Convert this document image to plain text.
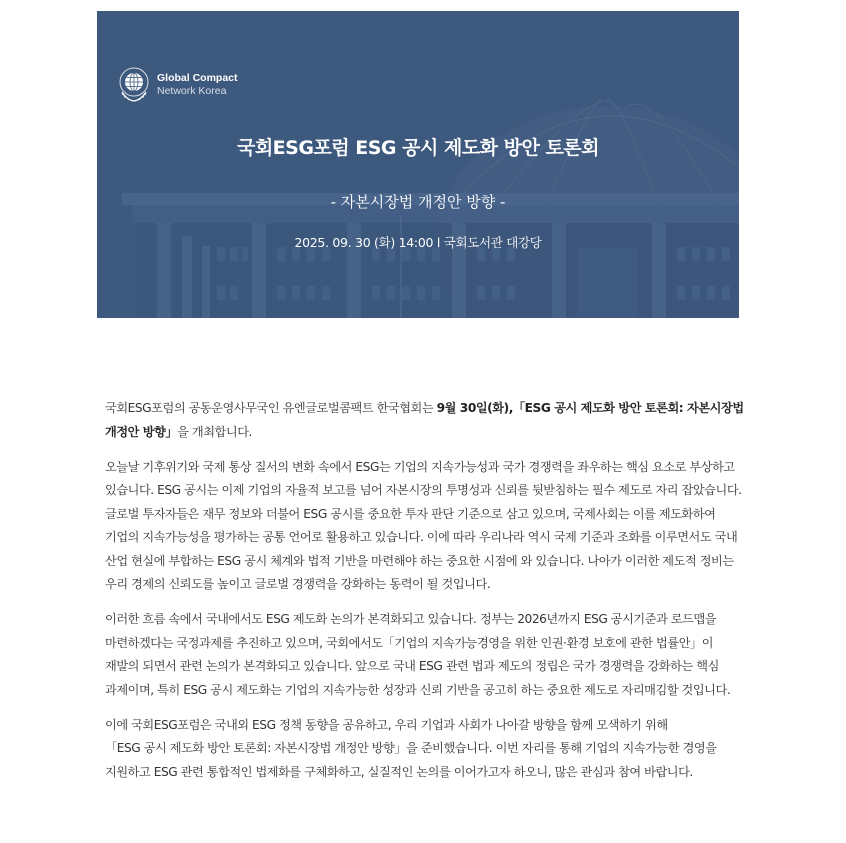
Global Compact
Network Korea
국회ESG포럼 ESG 공시 제도화 방안 토론회
- 자본시장법 개정안 방향 -
2025. 09. 30 (화) 14:00 l 국회도서관 대강당

국회ESG포럼의 공동운영사무국인 유엔글로벌콤팩트 한국협회는 9월 30일(화),「ESG 공시 제도화 방안 토론회: 자본시장법 개정안 방향」을 개최합니다.

오늘날 기후위기와 국제 통상 질서의 변화 속에서 ESG는 기업의 지속가능성과 국가 경쟁력을 좌우하는 핵심 요소로 부상하고 있습니다. ESG 공시는 이제 기업의 자율적 보고를 넘어 자본시장의 투명성과 신뢰를 뒷받침하는 필수 제도로 자리 잡았습니다. 글로벌 투자자들은 재무 정보와 더불어 ESG 공시를 중요한 투자 판단 기준으로 삼고 있으며, 국제사회는 이를 제도화하여 기업의 지속가능성을 평가하는 공통 언어로 활용하고 있습니다. 이에 따라 우리나라 역시 국제 기준과 조화를 이루면서도 국내 산업 현실에 부합하는 ESG 공시 체계와 법적 기반을 마련해야 하는 중요한 시점에 와 있습니다. 나아가 이러한 제도적 정비는 우리 경제의 신뢰도를 높이고 글로벌 경쟁력을 강화하는 동력이 될 것입니다.

이러한 흐름 속에서 국내에서도 ESG 제도화 논의가 본격화되고 있습니다. 정부는 2026년까지 ESG 공시기준과 로드맵을 마련하겠다는 국정과제를 추진하고 있으며, 국회에서도「기업의 지속가능경영을 위한 인권·환경 보호에 관한 법률안」이 재발의 되면서 관련 논의가 본격화되고 있습니다. 앞으로 국내 ESG 관련 법과 제도의 정립은 국가 경쟁력을 강화하는 핵심 과제이며, 특히 ESG 공시 제도화는 기업의 지속가능한 성장과 신뢰 기반을 공고히 하는 중요한 제도로 자리매김할 것입니다.

이에 국회ESG포럼은 국내외 ESG 정책 동향을 공유하고, 우리 기업과 사회가 나아갈 방향을 함께 모색하기 위해
「ESG 공시 제도화 방안 토론회: 자본시장법 개정안 방향」을 준비했습니다. 이번 자리를 통해 기업의 지속가능한 경영을 지원하고 ESG 관련 통합적인 법제화를 구체화하고, 실질적인 논의를 이어가고자 하오니, 많은 관심과 참여 바랍니다.
